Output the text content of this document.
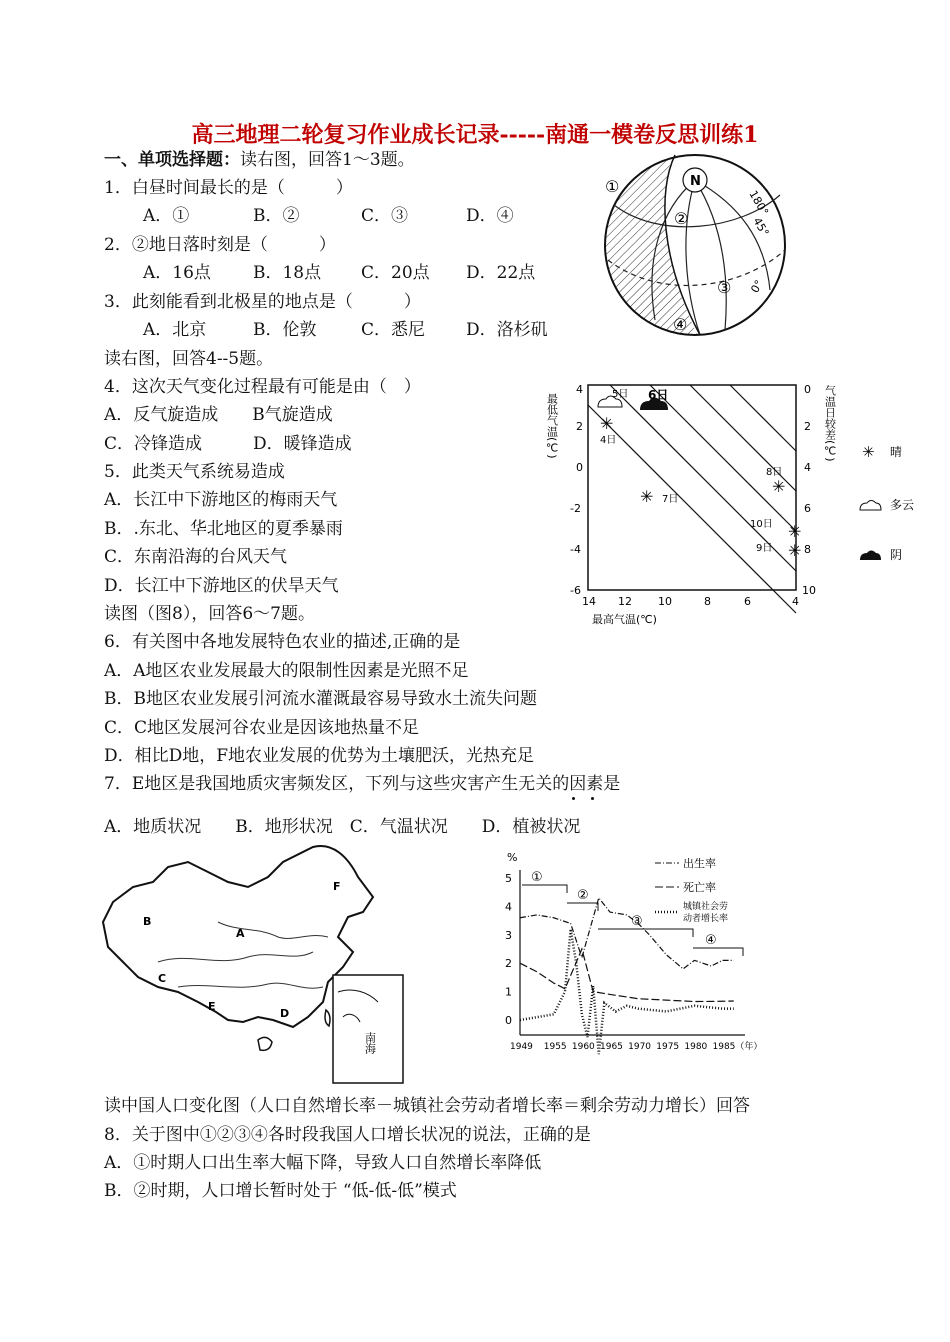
高三地理二轮复习作业成长记录-----南通一模卷反思训练1
一、单项选择题：读右图，回答1～3题。
1．白昼时间最长的是（　　　）
A．①	B．②	C．③	D．④
2．②地日落时刻是（　　　）
A．16点 B．18点 C．20点 D．22点
3．此刻能看到北极星的地点是（　　　）
A．北京	B．伦敦	C．悉尼 D．洛杉矶
读右图，回答4--5题。
4．这次天气变化过程最有可能是由（　）
A．反气旋造成　　B气旋造成
C．冷锋造成　　　D．暖锋造成
5．此类天气系统易造成
A．长江中下游地区的梅雨天气
B．.东北、华北地区的夏季暴雨
C．东南沿海的台风天气
D．长江中下游地区的伏旱天气
读图（图8），回答6～7题。
6．有关图中各地发展特色农业的描述,正确的是
A．A地区农业发展最大的限制性因素是光照不足
B．B地区农业发展引河流水灌溉最容易导致水土流失问题
C．C地区发展河谷农业是因该地热量不足
D．相比D地，F地农业发展的优势为土壤肥沃，光热充足
7．E地区是我国地质灾害频发区，下列与这些灾害产生无关的因素是
A．地质状况　　B．地形状况　C．气温状况　　D．植被状况
读中国人口变化图（人口自然增长率－城镇社会劳动者增长率＝剩余劳动力增长）回答
8．关于图中①②③④各时段我国人口增长状况的说法，正确的是
A．①时期人口出生率大幅下降，导致人口自然增长率降低
B．②时期，人口增长暂时处于 “低-低-低”模式
N
①
②
③
④
180°
45°
0°
最低气温(℃)	气温日较差(℃)
最高气温(℃)
4
2
0
-2
-4
-6
0
2
4
6
8
10
14 12 10	8	6	4
5日 6日
✳
4日
8日
✳
✳ 7日
10日 ✳
9日 ✳
✳ 晴
多云
阴
A
B
C
D
E
F
南海
%
5
4
3
2
1
0
1949 1955 1960 1965 1970 1975 1980 1985（年）
①
②
③
④
出生率
死亡率
城镇社会劳
动者增长率
